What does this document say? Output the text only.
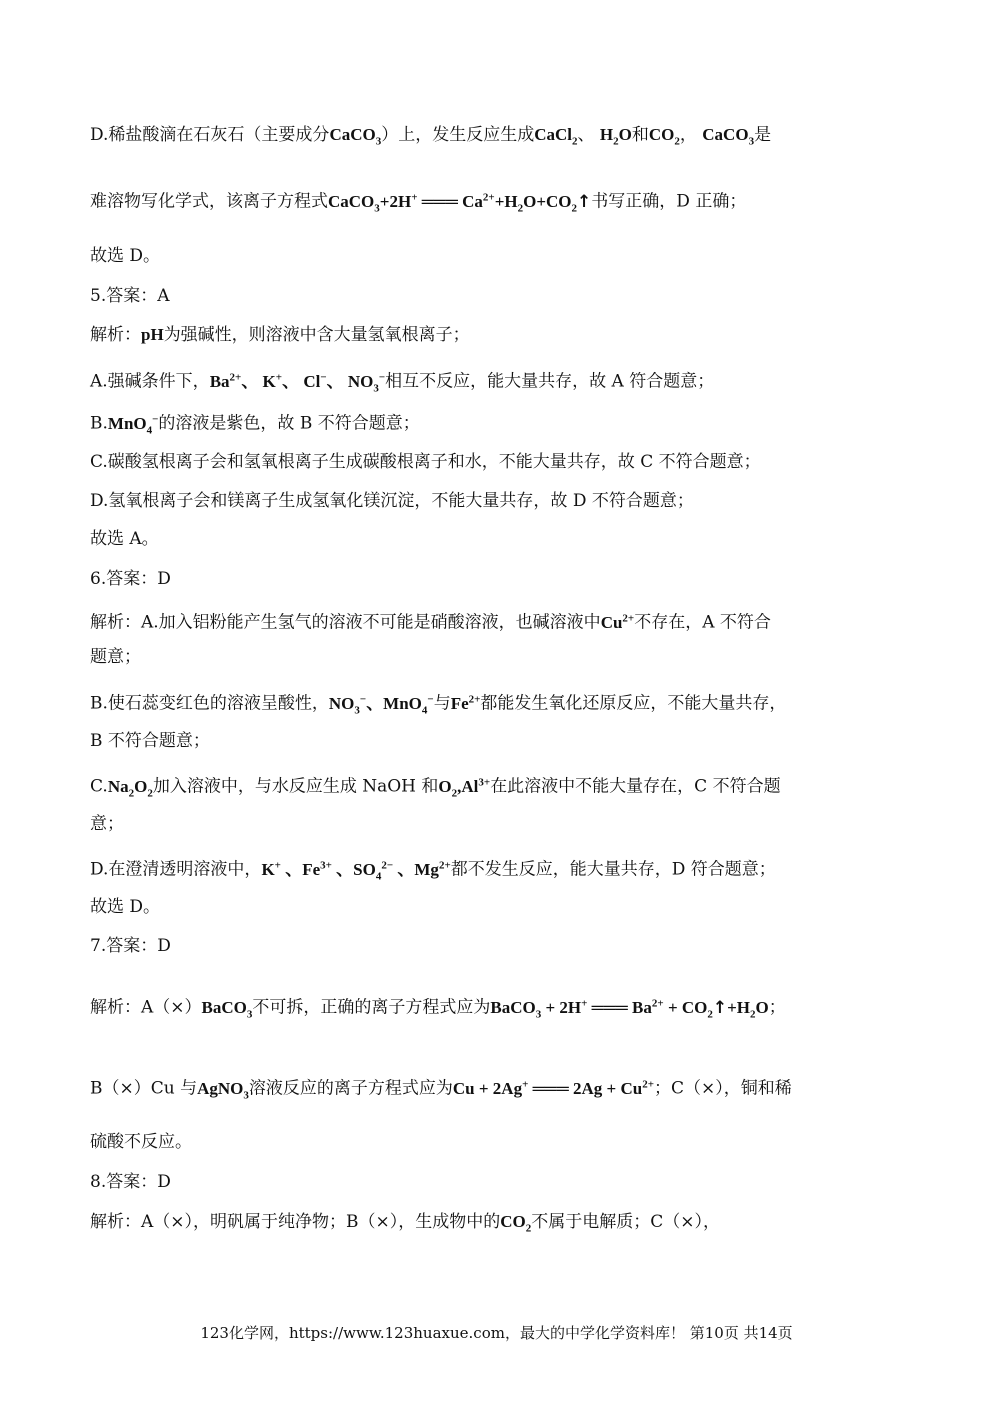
D.稀盐酸滴在石灰石（主要成分CaCO$_3$）上，发生反应生成CaCl$_2$、 $H_2O$和$CO_2$， CaCO$_3$是
难溶物写化学式，该离子方程式CaCO$_3$+2H+ ═══ $Ca^{2+}+H_2O+CO_2↑$书写正确，D 正确；
故选 D。
5.答案：A
解析：pH为强碱性，则溶液中含大量氢氧根离子；
A.强碱条件下，$Ba^{2+}$、 K+、 Cl−、 $NO_3^-$相互不反应，能大量共存，故 A 符合题意；
B.MnO$_4$−的溶液是紫色，故 B 不符合题意；
C.碳酸氢根离子会和氢氧根离子生成碳酸根离子和水，不能大量共存，故 C 不符合题意；
D.氢氧根离子会和镁离子生成氢氧化镁沉淀，不能大量共存，故 D 不符合题意；
故选 A。
6.答案：D
解析：A.加入铝粉能产生氢气的溶液不可能是硝酸溶液，也碱溶液中$Cu^{2+}$不存在，A 不符合
题意；
B.使石蕊变红色的溶液呈酸性，$NO_3^-$、MnO$_4$−与$Fe^{2+}$都能发生氧化还原反应，不能大量共存，
B 不符合题意；
$C.Na_2O_2$加入溶液中，与水反应生成 NaOH 和$O_2,Al^{3+}$在此溶液中不能大量存在，C 不符合题
意；
D.在澄清透明溶液中，K+ 、$Fe^{3+}$ 、$SO_4^{2-}$ 、$Mg^{2+}$都不发生反应，能大量共存，D 符合题意；
故选 D。
7.答案：D
解析：A（×）BaCO$_3$不可拆，正确的离子方程式应为BaCO$_3$ + 2H+ ═══ $Ba^{2+}$ + $CO_2↑+H_2O$；
B（×）Cu 与AgNO$_3$溶液反应的离子方程式应为Cu + 2Ag+ ═══ $2Ag + Cu^{2+}$；C（×），铜和稀
硫酸不反应。
8.答案：D
解析：A（×），明矾属于纯净物；B（×），生成物中的$CO_2$不属于电解质；C（×），
123化学网，https://www.123huaxue.com，最大的中学化学资料库！ 第10页 共14页
